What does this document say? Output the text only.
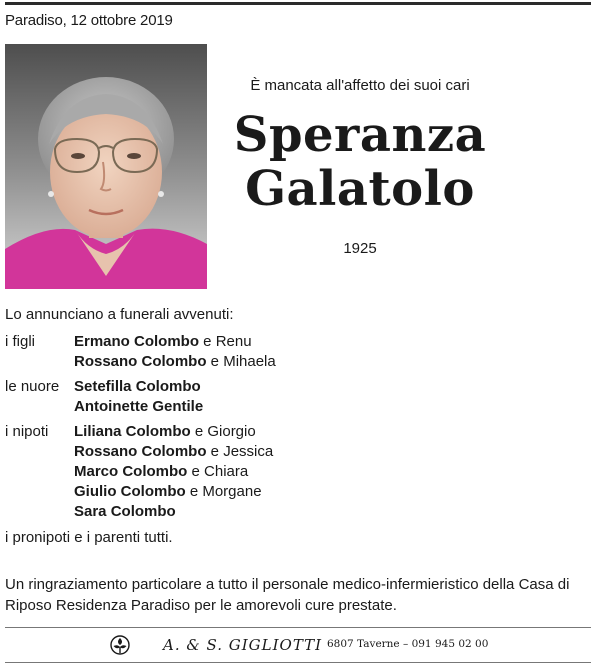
Paradiso, 12 ottobre 2019
È mancata all'affetto dei suoi cari
Speranza
Galatolo
1925
Lo annunciano a funerali avvenuti:
i figli	Ermano Colombo e Renu
Rossano Colombo e Mihaela
le nuore Setefilla Colombo
Antoinette Gentile
i nipoti	Liliana Colombo e Giorgio
Rossano Colombo e Jessica
Marco Colombo e Chiara
Giulio Colombo e Morgane
Sara Colombo
i pronipoti e i parenti tutti.
Un ringraziamento particolare a tutto il personale medico-infermieristico della Casa di Riposo Residenza Paradiso per le amorevoli cure prestate.
A. & S. GIGLIOTTI 6807 Taverne – 091 945 02 00
